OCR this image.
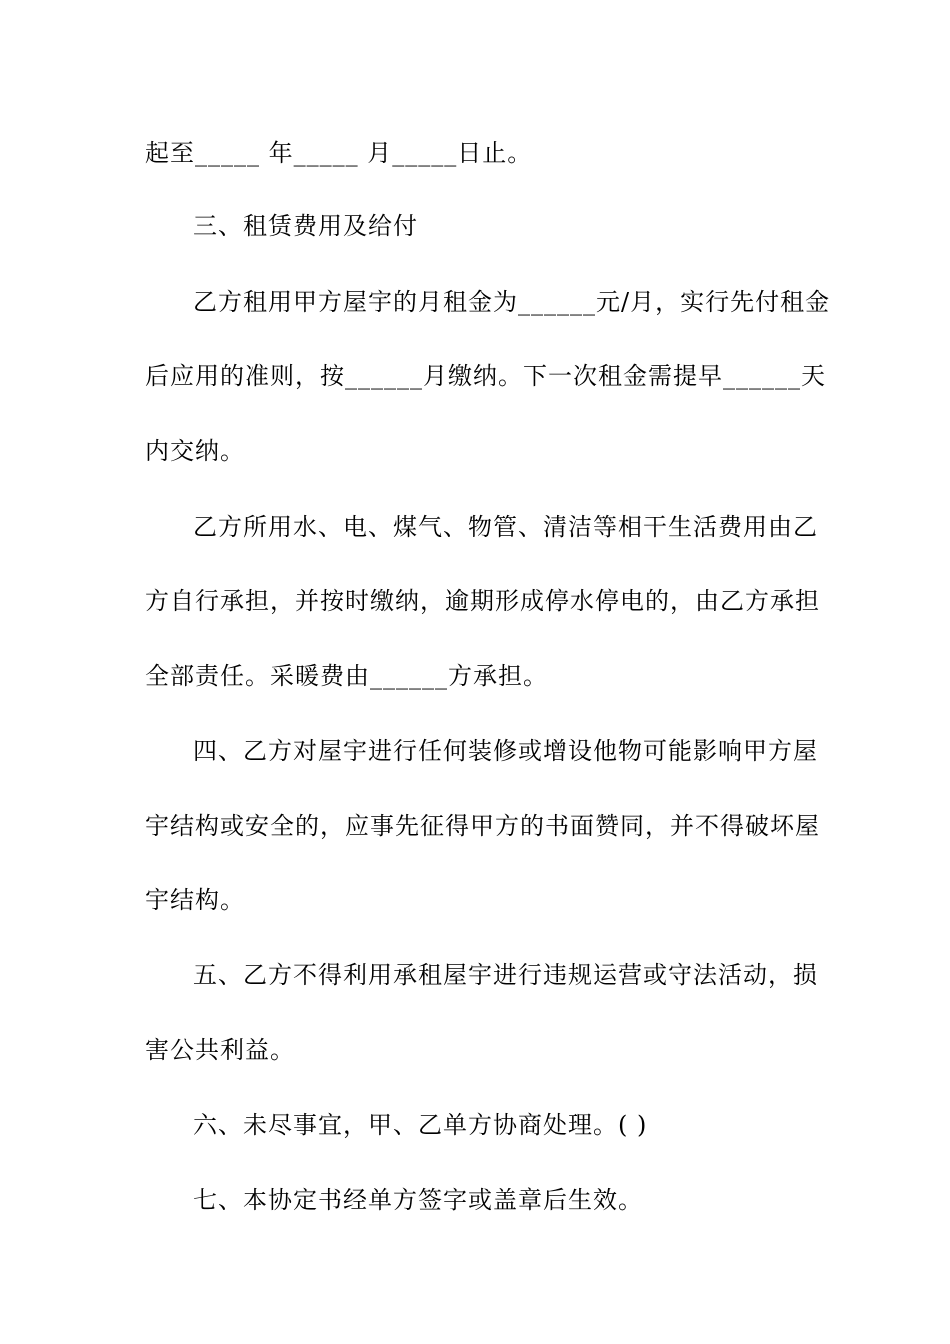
起至_____ 年_____ 月_____日止。
三、租赁费用及给付
乙方租用甲方屋宇的月租金为______元/月，实行先付租金
后应用的准则，按______月缴纳。下一次租金需提早______天
内交纳。
乙方所用水、电、煤气、物管、清洁等相干生活费用由乙
方自行承担，并按时缴纳，逾期形成停水停电的，由乙方承担
全部责任。采暖费由______方承担。
四、乙方对屋宇进行任何装修或增设他物可能影响甲方屋
宇结构或安全的，应事先征得甲方的书面赞同，并不得破坏屋
宇结构。
五、乙方不得利用承租屋宇进行违规运营或守法活动，损
害公共利益。
六、未尽事宜，甲、乙单方协商处理。( )
七、本协定书经单方签字或盖章后生效。
